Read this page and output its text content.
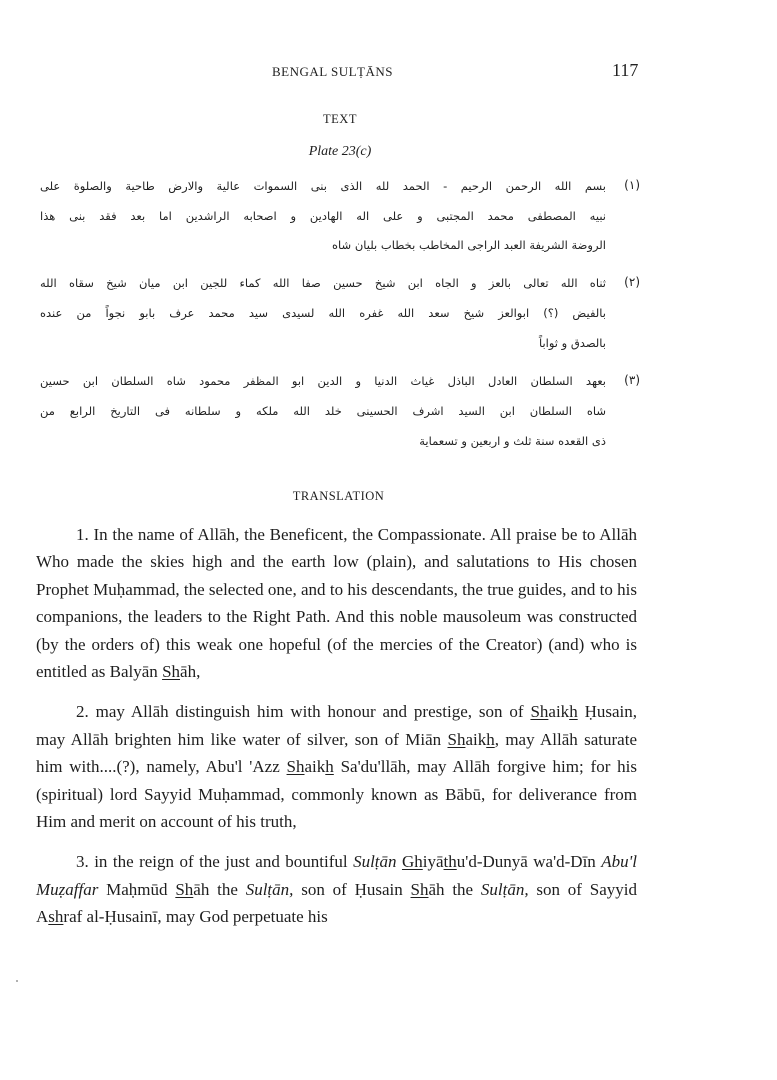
BENGAL SULṬĀNS	117
TEXT
Plate 23(c)
(١)
بسم الله الرحمن الرحيم - الحمد لله الذى بنى السموات عالية والارض طاحية والصلوة على
نبيه المصطفى محمد المجتبى و على اله الهادين و اصحابه الراشدين اما بعد فقد بنى هذا
الروضة الشريفة العبد الراجى المخاطب بخطاب بليان شاه
(٢)
ثناه الله تعالى بالعز و الجاه ابن شيخ حسين صفا الله كماء للجين ابن ميان شيخ سقاه الله
بالفيض (؟) ابوالعز شيخ سعد الله غفره الله لسيدى سيد محمد عرف بابو نجواً من عنده
بالصدق و ثواباً
(٣)
بعهد السلطان العادل الباذل غياث الدنيا و الدين ابو المظفر محمود شاه السلطان ابن حسين
شاه السلطان ابن السيد اشرف الحسينى خلد الله ملكه و سلطانه فى التاريخ الرابع من
ذى القعده سنة ثلث و اربعين و تسعماية
TRANSLATION

1. In the name of Allāh, the Beneficent, the Compassionate. All praise be to Allāh Who made the skies high and the earth low (plain), and salutations to His chosen Prophet Muḥammad, the selected one, and to his descendants, the true guides, and to his companions, the leaders to the Right Path. And this noble mausoleum was constructed (by the orders of) this weak one hopeful (of the mercies of the Creator) (and) who is entitled as Balyān Shāh,

2. may Allāh distinguish him with honour and prestige, son of Shaikh Ḥusain, may Allāh brighten him like water of silver, son of Miān Shaikh, may Allāh saturate him with....(?), namely, Abu'l 'Azz Shaikh Sa'du'llāh, may Allāh forgive him; for his (spiritual) lord Sayyid Muḥammad, commonly known as Bābū, for deliverance from Him and merit on account of his truth,

3. in the reign of the just and bountiful Sulṭān Ghiyāthu'd-Dunyā wa'd-Dīn Abu'l Muẓaffar Maḥmūd Shāh the Sulṭān, son of Ḥusain Shāh the Sulṭān, son of Sayyid Ashraf al-Ḥusainī, may God perpetuate his
